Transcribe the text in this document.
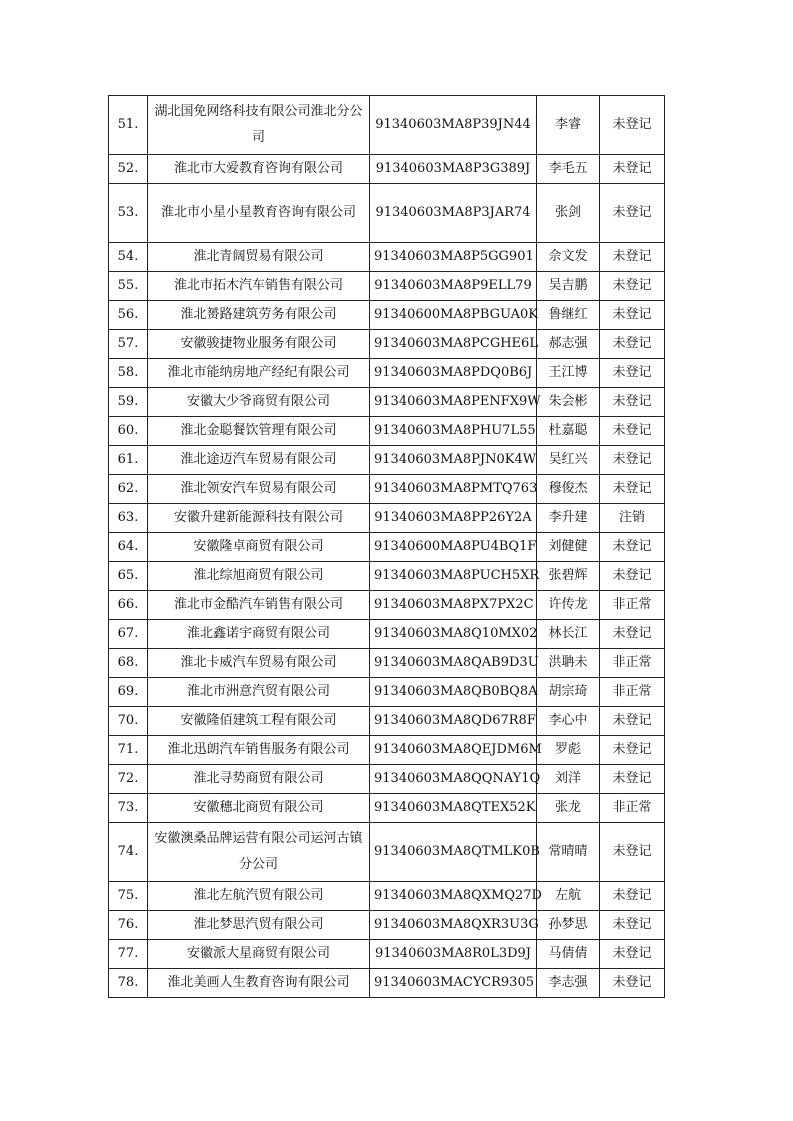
51.	湖北国免网络科技有限公司淮北分公司	91340603MA8P39JN44	李睿	未登记
52.	淮北市大爱教育咨询有限公司	91340603MA8P3G389J	李毛五	未登记
53.	淮北市小星小星教育咨询有限公司	91340603MA8P3JAR74	张剑	未登记
54.	淮北青阔贸易有限公司	91340603MA8P5GG901	佘文发	未登记
55.	淮北市拓木汽车销售有限公司	91340603MA8P9ELL79	吴吉鹏	未登记
56.	淮北赟路建筑劳务有限公司	91340600MA8PBGUA0K	鲁继红	未登记
57.	安徽骏捷物业服务有限公司	91340603MA8PCGHE6L	郝志强	未登记
58.	淮北市能纳房地产经纪有限公司	91340603MA8PDQ0B6J	王江博	未登记
59.	安徽大少爷商贸有限公司	91340603MA8PENFX9W	朱会彬	未登记
60.	淮北金聪餐饮管理有限公司	91340603MA8PHU7L55	杜嘉聪	未登记
61.	淮北途迈汽车贸易有限公司	91340603MA8PJN0K4W	吴红兴	未登记
62.	淮北领安汽车贸易有限公司	91340603MA8PMTQ763	穆俊杰	未登记
63.	安徽升建新能源科技有限公司	91340603MA8PP26Y2A	李升建	注销
64.	安徽隆卓商贸有限公司	91340600MA8PU4BQ1F	刘健健	未登记
65.	淮北综旭商贸有限公司	91340603MA8PUCH5XR	张碧辉	未登记
66.	淮北市金酷汽车销售有限公司	91340603MA8PX7PX2C	许传龙	非正常
67.	淮北鑫诺宇商贸有限公司	91340603MA8Q10MX02	林长江	未登记
68.	淮北卡威汽车贸易有限公司	91340603MA8QAB9D3U	洪聃未	非正常
69.	淮北市洲意汽贸有限公司	91340603MA8QB0BQ8A	胡宗琦	非正常
70.	安徽隆佰建筑工程有限公司	91340603MA8QD67R8F	李心中	未登记
71.	淮北迅朗汽车销售服务有限公司	91340603MA8QEJDM6M	罗彪	未登记
72.	淮北寻势商贸有限公司	91340603MA8QQNAY1Q	刘洋	未登记
73.	安徽穗北商贸有限公司	91340603MA8QTEX52K	张龙	非正常
74.	安徽澳桑品牌运营有限公司运河古镇分公司	91340603MA8QTMLK0B	常晴晴	未登记
75.	淮北左航汽贸有限公司	91340603MA8QXMQ27D	左航	未登记
76.	淮北梦思汽贸有限公司	91340603MA8QXR3U3G	孙梦思	未登记
77.	安徽派大星商贸有限公司	91340603MA8R0L3D9J	马倩倩	未登记
78.	淮北美画人生教育咨询有限公司	91340603MACYCR9305	李志强	未登记
